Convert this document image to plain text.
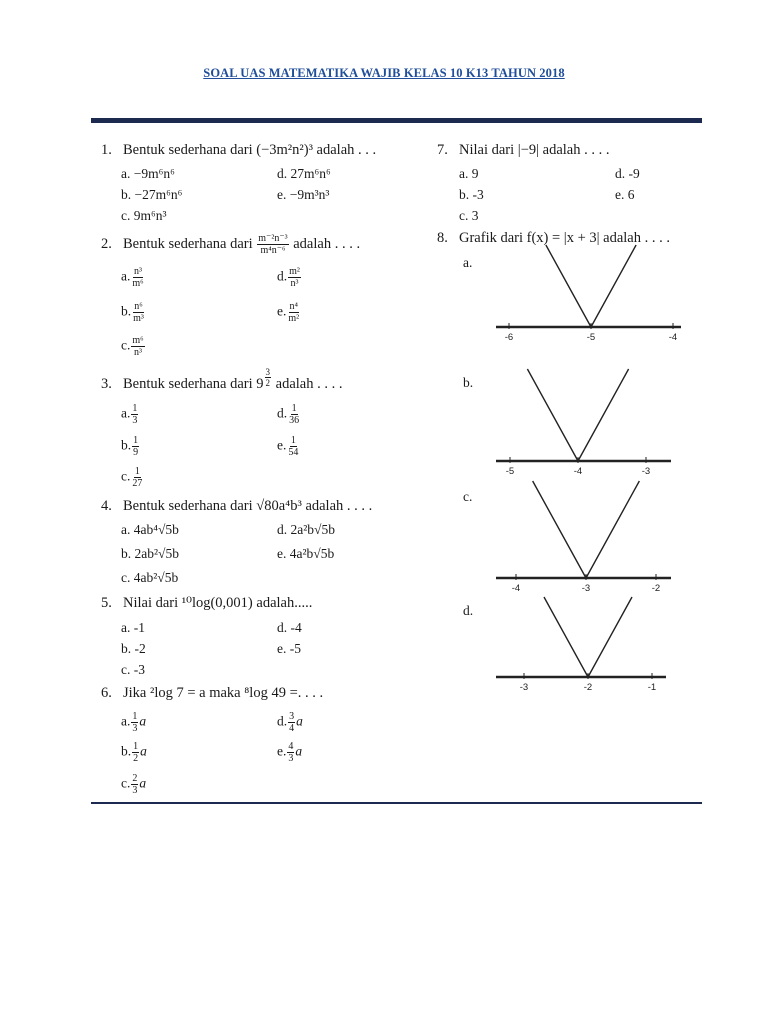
SOAL UAS MATEMATIKA WAJIB KELAS 10 K13 TAHUN 2018
1. Bentuk sederhana dari (−3m²n²)³ adalah . . .
a. −9m⁶n⁶	d. 27m⁶n⁶
b. −27m⁶n⁶	e. −9m³n³
c. 9m⁶n³
2. Bentuk sederhana dari $\frac{\text{m⁻²n⁻³}}{\text{m⁴n⁻⁶}}$ adalah . . . .
a. $\frac{\text{n³}}{\text{m⁶}}$	d. $\frac{\text{m²}}{\text{n³}}$
b. $\frac{\text{n⁶}}{\text{m³}}$	e. $\frac{\text{n⁴}}{\text{m²}}$
c. $\frac{\text{m⁶}}{\text{n³}}$
3. Bentuk sederhana dari $9 \frac{3}{2}$ adalah . . . .
a. $\frac{1}{3}$	d. $\frac{1}{36}$
b. $\frac{1}{9}$	e. $\frac{1}{54}$
c. $\frac{1}{27}$
4. Bentuk sederhana dari √80a⁴b³ adalah . . . .
a. 4ab⁴√5b	d. 2a²b√5b
b. 2ab²√5b	e. 4a²b√5b
c. 4ab²√5b
5. Nilai dari ¹⁰log(0,001) adalah.....
a. -1	d. -4
b. -2	e. -5
c. -3
6. Jika ²log 7 = a maka ⁸log 49 =. . . .
a. $\frac{1}{3}$ a	d. $\frac{3}{4}$ a
b. $\frac{1}{2}$ a	e. $\frac{4}{3}$ a
c. $\frac{2}{3}$ a
7. Nilai dari |−9| adalah . . . .
a. 9	d. -9
b. -3	e. 6
c. 3
8. Grafik dari f(x) = |x + 3| adalah . . . .
a.
-6	-5	-4
b.
-5	-4	-3
c.
-4	-3	-2
d.
-3	-2	-1
